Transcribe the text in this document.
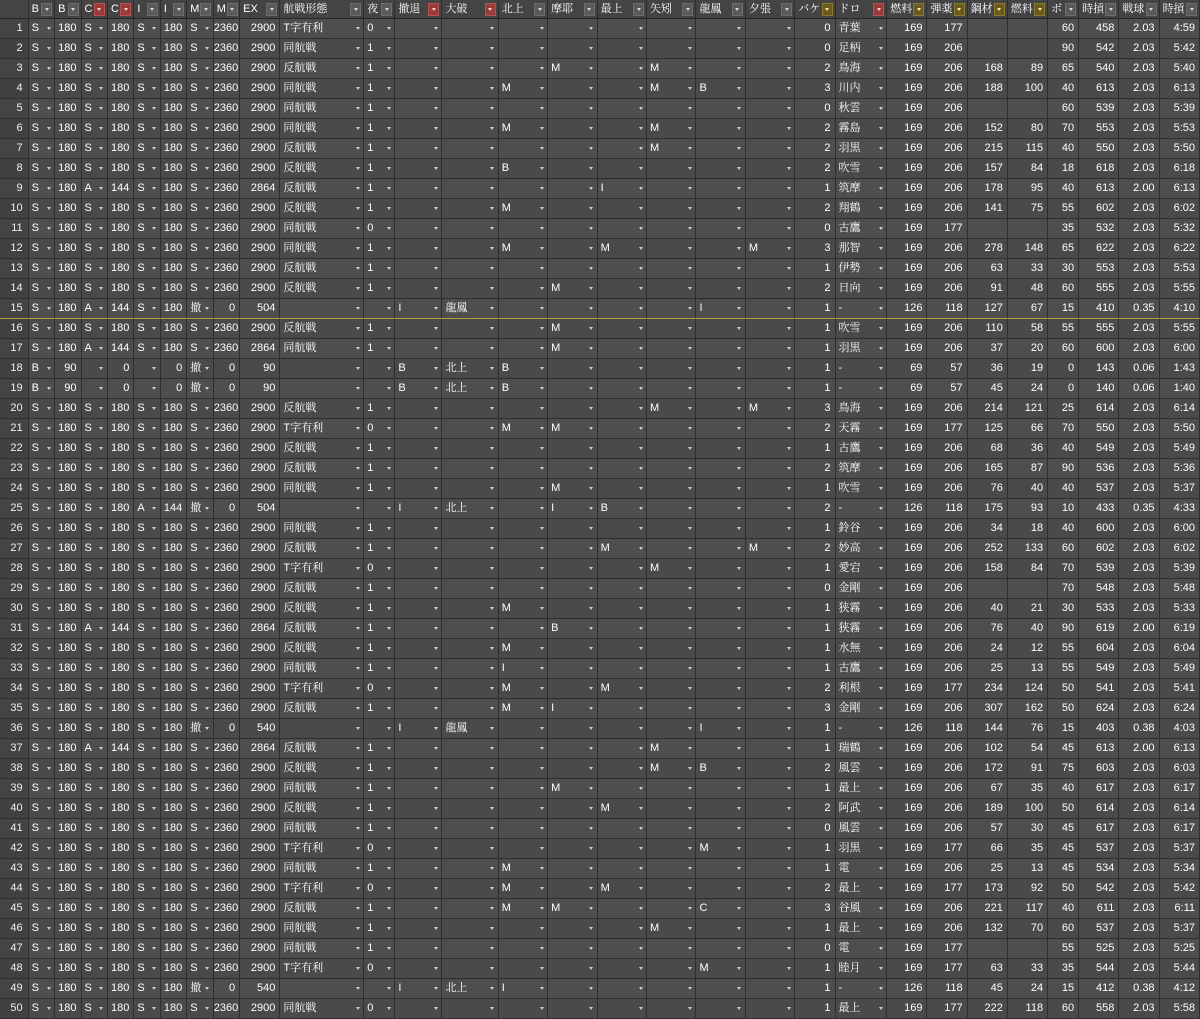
	B	B	C	C	I	I	M	M	EX	航戦形態	夜	撤退	大破	北上	摩耶	最上	矢矧	龍鳳	夕張	バケ	ドロ	燃料	弾薬	鋼材	燃料	ボ	時摃	戦球	時摃

1	S	180	S	180	S	180	S	2360	2900	T字有利	0									0	青葉	169	177			60	458	2.03	4:59
2	S	180	S	180	S	180	S	2360	2900	同航戦	1									0	足柄	169	206			90	542	2.03	5:42
3	S	180	S	180	S	180	S	2360	2900	反航戦	1				M		M			2	鳥海	169	206	168	89	65	540	2.03	5:40
4	S	180	S	180	S	180	S	2360	2900	同航戦	1			M			M	B		3	川内	169	206	188	100	40	613	2.03	6:13
5	S	180	S	180	S	180	S	2360	2900	同航戦	1									0	秋雲	169	206			60	539	2.03	5:39
6	S	180	S	180	S	180	S	2360	2900	同航戦	1			M			M			2	霧島	169	206	152	80	70	553	2.03	5:53
7	S	180	S	180	S	180	S	2360	2900	反航戦	1						M			2	羽黒	169	206	215	115	40	550	2.03	5:50
8	S	180	S	180	S	180	S	2360	2900	反航戦	1			B						2	吹雪	169	206	157	84	18	618	2.03	6:18
9	S	180	A	144	S	180	S	2360	2864	反航戦	1					I				1	筑摩	169	206	178	95	40	613	2.00	6:13
10	S	180	S	180	S	180	S	2360	2900	反航戦	1			M						2	翔鶴	169	206	141	75	55	602	2.03	6:02
11	S	180	S	180	S	180	S	2360	2900	同航戦	0									0	古鷹	169	177			35	532	2.03	5:32
12	S	180	S	180	S	180	S	2360	2900	同航戦	1			M		M			M	3	那智	169	206	278	148	65	622	2.03	6:22
13	S	180	S	180	S	180	S	2360	2900	反航戦	1									1	伊勢	169	206	63	33	30	553	2.03	5:53
14	S	180	S	180	S	180	S	2360	2900	反航戦	1				M					2	日向	169	206	91	48	60	555	2.03	5:55
15	S	180	A	144	S	180	撤	0	504			I	龍鳳					I		1	-	126	118	127	67	15	410	0.35	4:10
16	S	180	S	180	S	180	S	2360	2900	反航戦	1				M					1	吹雪	169	206	110	58	55	555	2.03	5:55
17	S	180	A	144	S	180	S	2360	2864	同航戦	1				M					1	羽黒	169	206	37	20	60	600	2.03	6:00
18	B	90		0		0	撤	0	90			B	北上	B						1	-	69	57	36	19	0	143	0.06	1:43
19	B	90		0		0	撤	0	90			B	北上	B						1	-	69	57	45	24	0	140	0.06	1:40
20	S	180	S	180	S	180	S	2360	2900	反航戦	1						M		M	3	鳥海	169	206	214	121	25	614	2.03	6:14
21	S	180	S	180	S	180	S	2360	2900	T字有利	0			M	M					2	天霧	169	177	125	66	70	550	2.03	5:50
22	S	180	S	180	S	180	S	2360	2900	反航戦	1									1	古鷹	169	206	68	36	40	549	2.03	5:49
23	S	180	S	180	S	180	S	2360	2900	反航戦	1									2	筑摩	169	206	165	87	90	536	2.03	5:36
24	S	180	S	180	S	180	S	2360	2900	同航戦	1				M					1	吹雪	169	206	76	40	40	537	2.03	5:37
25	S	180	S	180	A	144	撤	0	504			I	北上		I	B				2	-	126	118	175	93	10	433	0.35	4:33
26	S	180	S	180	S	180	S	2360	2900	同航戦	1									1	鈴谷	169	206	34	18	40	600	2.03	6:00
27	S	180	S	180	S	180	S	2360	2900	反航戦	1					M			M	2	妙高	169	206	252	133	60	602	2.03	6:02
28	S	180	S	180	S	180	S	2360	2900	T字有利	0						M			1	愛宕	169	206	158	84	70	539	2.03	5:39
29	S	180	S	180	S	180	S	2360	2900	反航戦	1									0	金剛	169	206			70	548	2.03	5:48
30	S	180	S	180	S	180	S	2360	2900	反航戦	1			M						1	狭霧	169	206	40	21	30	533	2.03	5:33
31	S	180	A	144	S	180	S	2360	2864	反航戦	1				B					1	狭霧	169	206	76	40	90	619	2.00	6:19
32	S	180	S	180	S	180	S	2360	2900	反航戦	1			M						1	水無	169	206	24	12	55	604	2.03	6:04
33	S	180	S	180	S	180	S	2360	2900	同航戦	1			I						1	古鷹	169	206	25	13	55	549	2.03	5:49
34	S	180	S	180	S	180	S	2360	2900	T字有利	0			M		M				2	利根	169	177	234	124	50	541	2.03	5:41
35	S	180	S	180	S	180	S	2360	2900	反航戦	1			M	I					3	金剛	169	206	307	162	50	624	2.03	6:24
36	S	180	S	180	S	180	撤	0	540			I	龍鳳					I		1	-	126	118	144	76	15	403	0.38	4:03
37	S	180	A	144	S	180	S	2360	2864	反航戦	1						M			1	瑞鶴	169	206	102	54	45	613	2.00	6:13
38	S	180	S	180	S	180	S	2360	2900	反航戦	1						M	B		2	風雲	169	206	172	91	75	603	2.03	6:03
39	S	180	S	180	S	180	S	2360	2900	同航戦	1				M					1	最上	169	206	67	35	40	617	2.03	6:17
40	S	180	S	180	S	180	S	2360	2900	反航戦	1					M				2	阿武	169	206	189	100	50	614	2.03	6:14
41	S	180	S	180	S	180	S	2360	2900	同航戦	1									0	風雲	169	206	57	30	45	617	2.03	6:17
42	S	180	S	180	S	180	S	2360	2900	T字有利	0							M		1	羽黒	169	177	66	35	45	537	2.03	5:37
43	S	180	S	180	S	180	S	2360	2900	同航戦	1			M						1	電	169	206	25	13	45	534	2.03	5:34
44	S	180	S	180	S	180	S	2360	2900	T字有利	0			M		M				2	最上	169	177	173	92	50	542	2.03	5:42
45	S	180	S	180	S	180	S	2360	2900	反航戦	1			M	M			C		3	谷風	169	206	221	117	40	611	2.03	6:11
46	S	180	S	180	S	180	S	2360	2900	同航戦	1						M			1	最上	169	206	132	70	60	537	2.03	5:37
47	S	180	S	180	S	180	S	2360	2900	同航戦	1									0	電	169	177			55	525	2.03	5:25
48	S	180	S	180	S	180	S	2360	2900	T字有利	0							M		1	睦月	169	177	63	33	35	544	2.03	5:44
49	S	180	S	180	S	180	撤	0	540			I	北上	I						1	-	126	118	45	24	15	412	0.38	4:12
50	S	180	S	180	S	180	S	2360	2900	同航戦	0									1	最上	169	177	222	118	60	558	2.03	5:58
